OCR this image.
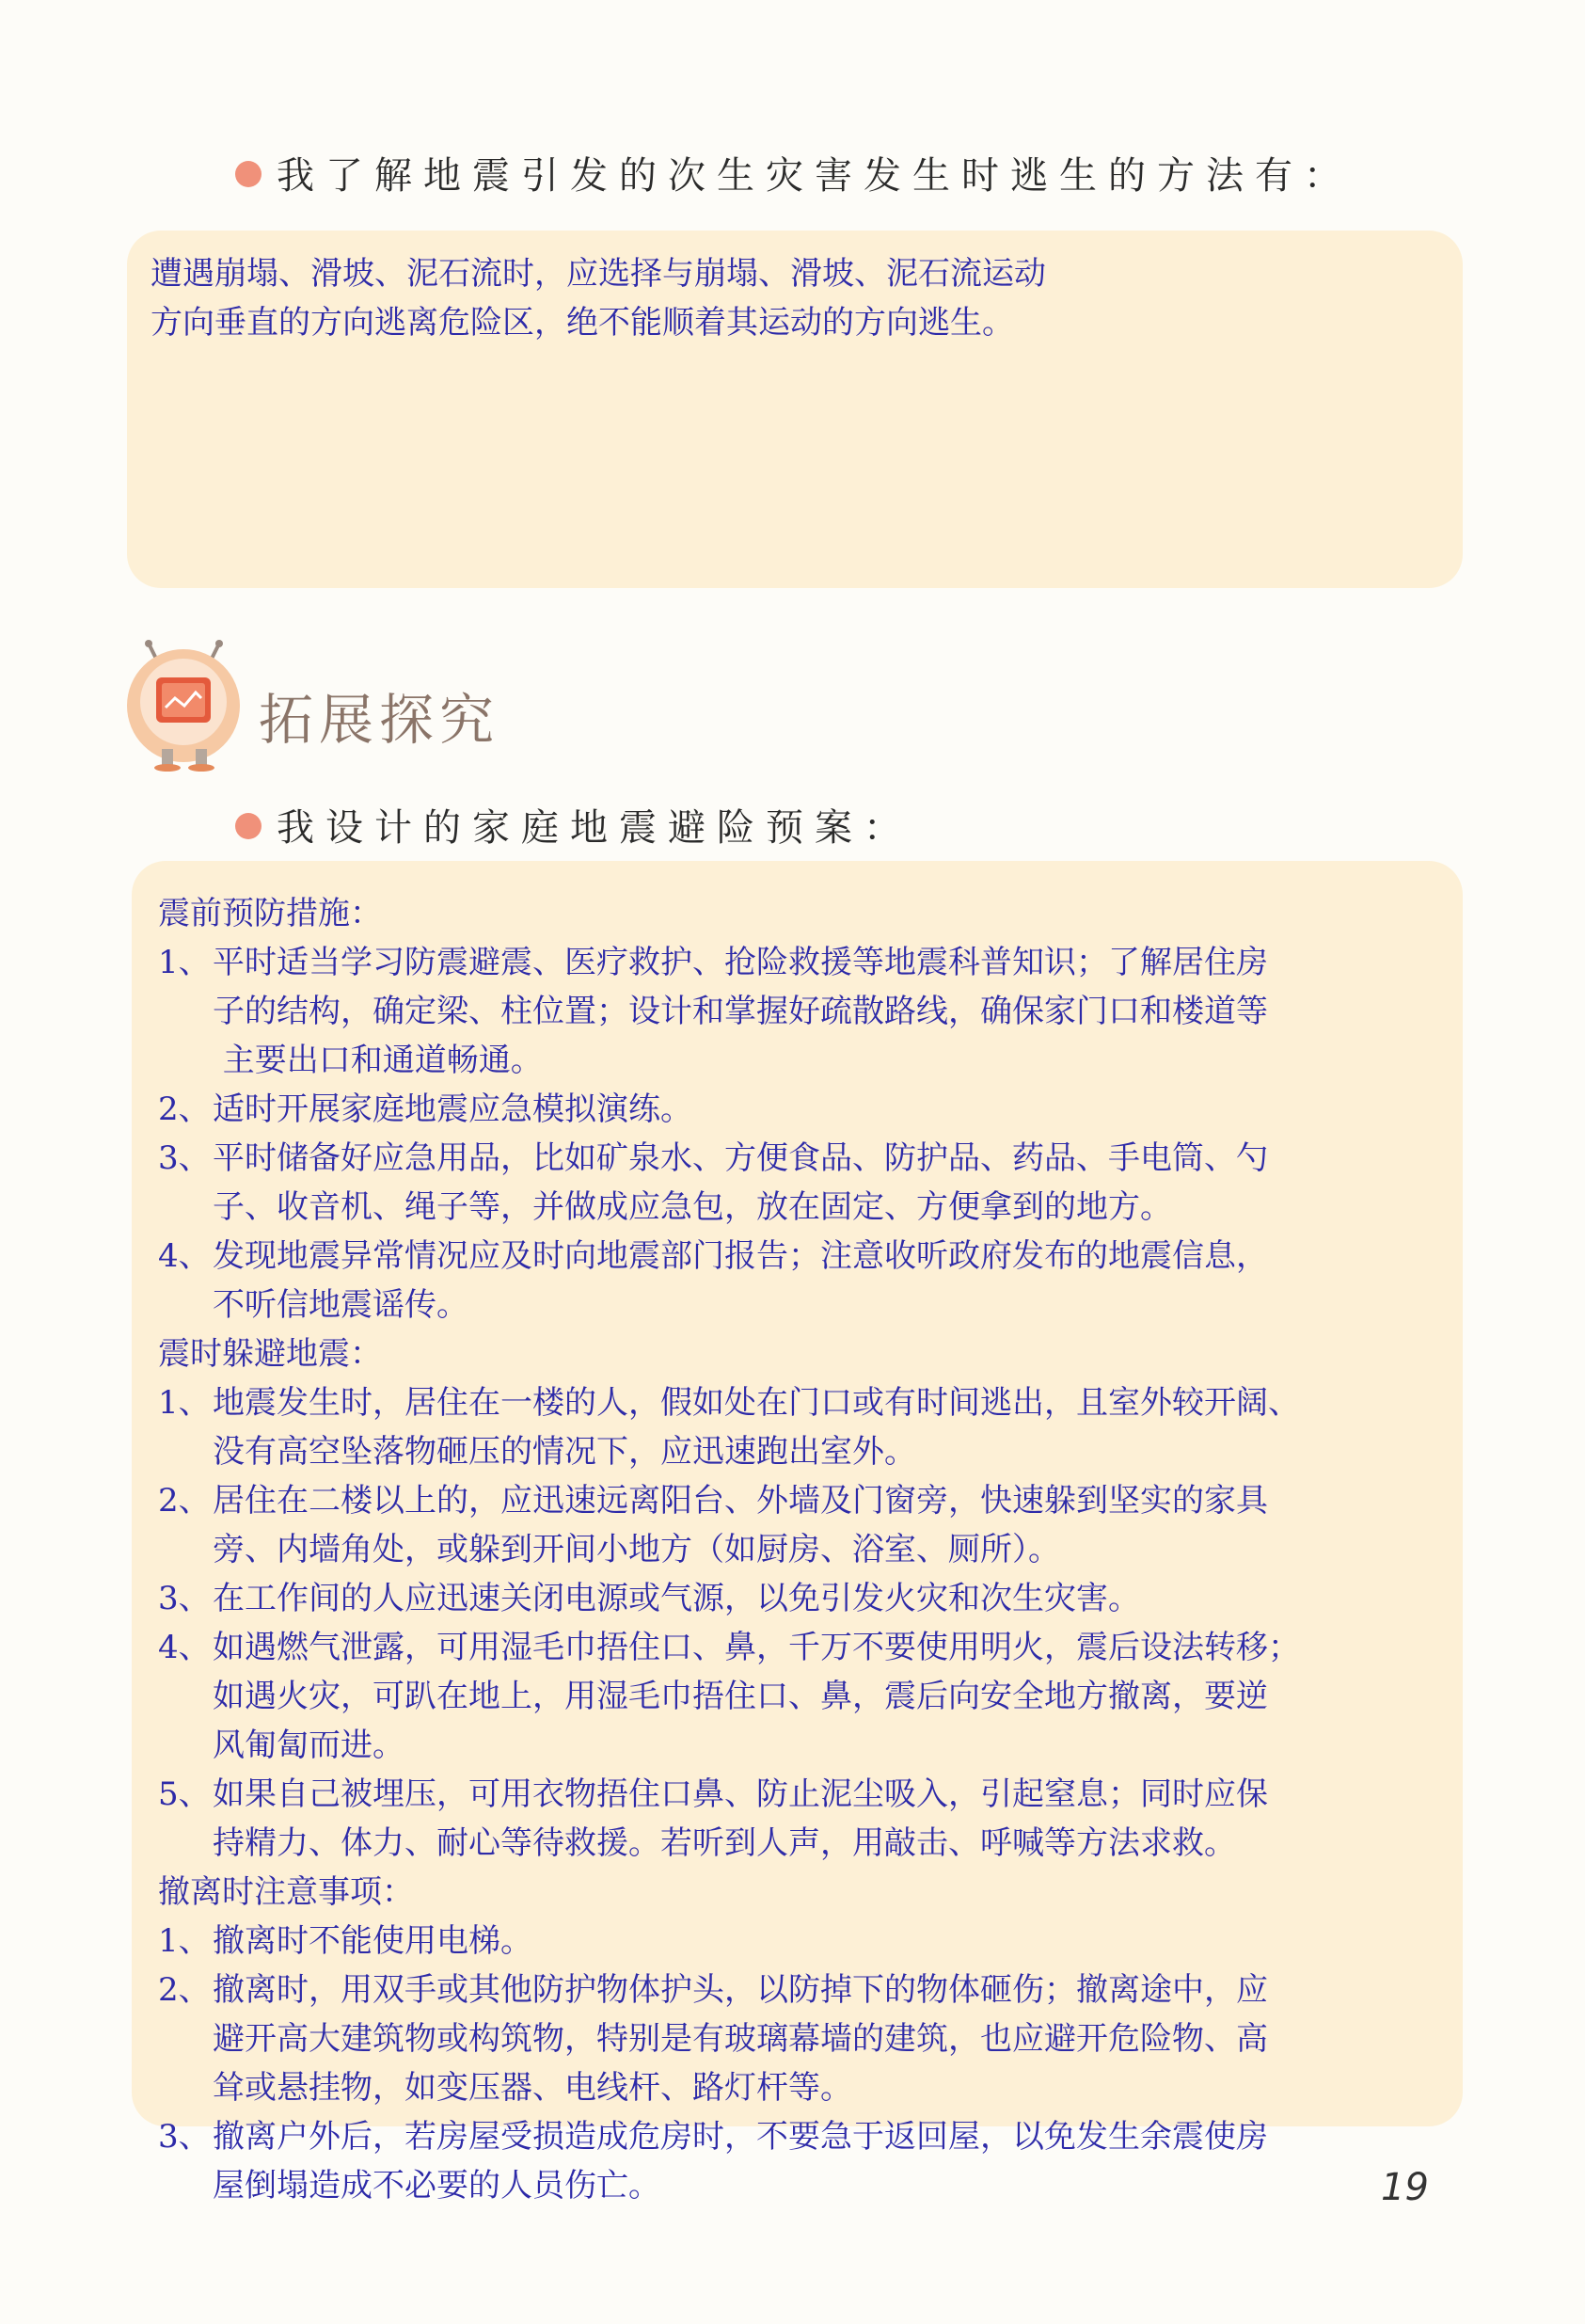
我了解地震引发的次生灾害发生时逃生的方法有：
遭遇崩塌、滑坡、泥石流时，应选择与崩塌、滑坡、泥石流运动
方向垂直的方向逃离危险区，绝不能顺着其运动的方向逃生。
拓展探究
我设计的家庭地震避险预案：
震前预防措施：
1、 平时适当学习防震避震、医疗救护、抢险救援等地震科普知识；了解居住房
子的结构，确定梁、柱位置；设计和掌握好疏散路线，确保家门口和楼道等
主要出口和通道畅通。
2、 适时开展家庭地震应急模拟演练。
3、 平时储备好应急用品，比如矿泉水、方便食品、防护品、药品、手电筒、勺
子、收音机、绳子等，并做成应急包，放在固定、方便拿到的地方。
4、 发现地震异常情况应及时向地震部门报告；注意收听政府发布的地震信息，
不听信地震谣传。
震时躲避地震：
1、 地震发生时，居住在一楼的人，假如处在门口或有时间逃出，且室外较开阔、
没有高空坠落物砸压的情况下，应迅速跑出室外。
2、 居住在二楼以上的，应迅速远离阳台、外墙及门窗旁，快速躲到坚实的家具
旁、内墙角处，或躲到开间小地方（如厨房、浴室、厕所）。
3、 在工作间的人应迅速关闭电源或气源，以免引发火灾和次生灾害。
4、 如遇燃气泄露，可用湿毛巾捂住口、鼻，千万不要使用明火，震后设法转移；
如遇火灾，可趴在地上，用湿毛巾捂住口、鼻，震后向安全地方撤离，要逆
风匍匐而进。
5、 如果自己被埋压，可用衣物捂住口鼻、防止泥尘吸入，引起窒息；同时应保
持精力、体力、耐心等待救援。若听到人声，用敲击、呼喊等方法求救。
撤离时注意事项：
1、 撤离时不能使用电梯。
2、 撤离时，用双手或其他防护物体护头，以防掉下的物体砸伤；撤离途中，应
避开高大建筑物或构筑物，特别是有玻璃幕墙的建筑，也应避开危险物、高
耸或悬挂物，如变压器、电线杆、路灯杆等。
3、 撤离户外后，若房屋受损造成危房时，不要急于返回屋，以免发生余震使房
屋倒塌造成不必要的人员伤亡。	19
